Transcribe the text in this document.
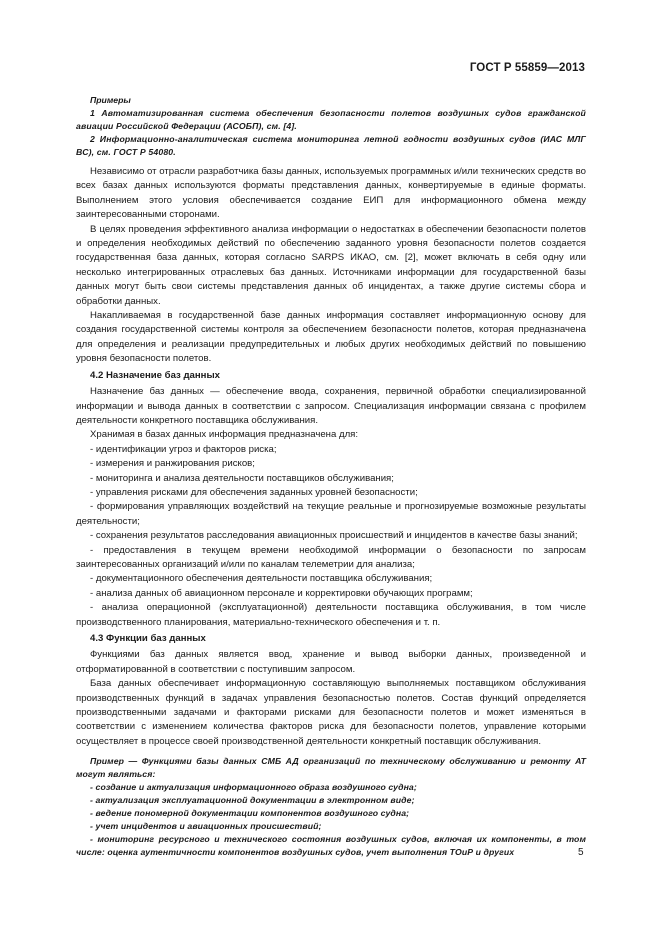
ГОСТ Р 55859—2013

Примеры

1 Автоматизированная система обеспечения безопасности полетов воздушных судов гражданской авиации Российской Федерации (АСОБП), см. [4].

2 Информационно-аналитическая система мониторинга летной годности воздушных судов (ИАС МЛГ ВС), см. ГОСТ Р 54080.

Независимо от отрасли разработчика базы данных, используемых программных и/или технических средств во всех базах данных используются форматы представления данных, конвертируемые в единые форматы. Выполнением этого условия обеспечивается создание ЕИП для информационного обмена между заинтересованными сторонами.

В целях проведения эффективного анализа информации о недостатках в обеспечении безопасности полетов и определения необходимых действий по обеспечению заданного уровня безопасности полетов создается государственная база данных, которая согласно SARPS ИКАО, см. [2], может включать в себя одну или несколько интегрированных отраслевых баз данных. Источниками информации для государственной базы данных могут быть свои системы представления данных об инцидентах, а также другие системы сбора и обработки данных.

Накапливаемая в государственной базе данных информация составляет информационную основу для создания государственной системы контроля за обеспечением безопасности полетов, которая предназначена для определения и реализации предупредительных и любых других необходимых действий по повышению уровня безопасности полетов.

4.2 Назначение баз данных

Назначение баз данных — обеспечение ввода, сохранения, первичной обработки специализированной информации и вывода данных в соответствии с запросом. Специализация информации связана с профилем деятельности конкретного поставщика обслуживания.

Хранимая в базах данных информация предназначена для:

- идентификации угроз и факторов риска;

- измерения и ранжирования рисков;

- мониторинга и анализа деятельности поставщиков обслуживания;

- управления рисками для обеспечения заданных уровней безопасности;

- формирования управляющих воздействий на текущие реальные и прогнозируемые возможные результаты деятельности;

- сохранения результатов расследования авиационных происшествий и инцидентов в качестве базы знаний;

- предоставления в текущем времени необходимой информации о безопасности по запросам заинтересованных организаций и/или по каналам телеметрии для анализа;

- документационного обеспечения деятельности поставщика обслуживания;

- анализа данных об авиационном персонале и корректировки обучающих программ;

- анализа операционной (эксплуатационной) деятельности поставщика обслуживания, в том числе производственного планирования, материально-технического обеспечения и т. п.

4.3 Функции баз данных

Функциями баз данных является ввод, хранение и вывод выборки данных, произведенной и отформатированной в соответствии с поступившим запросом.

База данных обеспечивает информационную составляющую выполняемых поставщиком обслуживания производственных функций в задачах управления безопасностью полетов. Состав функций определяется производственными задачами и факторами рисками для безопасности полетов и может изменяться в соответствии с изменением количества факторов риска для безопасности полетов, управление которыми осуществляет в процессе своей производственной деятельности конкретный поставщик обслуживания.

Пример — Функциями базы данных СМБ АД организаций по техническому обслуживанию и ремонту АТ могут являться:

- создание и актуализация информационного образа воздушного судна;

- актуализация эксплуатационной документации в электронном виде;

- ведение пономерной документации компонентов воздушного судна;

- учет инцидентов и авиационных происшествий;

- мониторинг ресурсного и технического состояния воздушных судов, включая их компоненты, в том числе: оценка аутентичности компонентов воздушных судов, учет выполнения ТОиР и других	5
